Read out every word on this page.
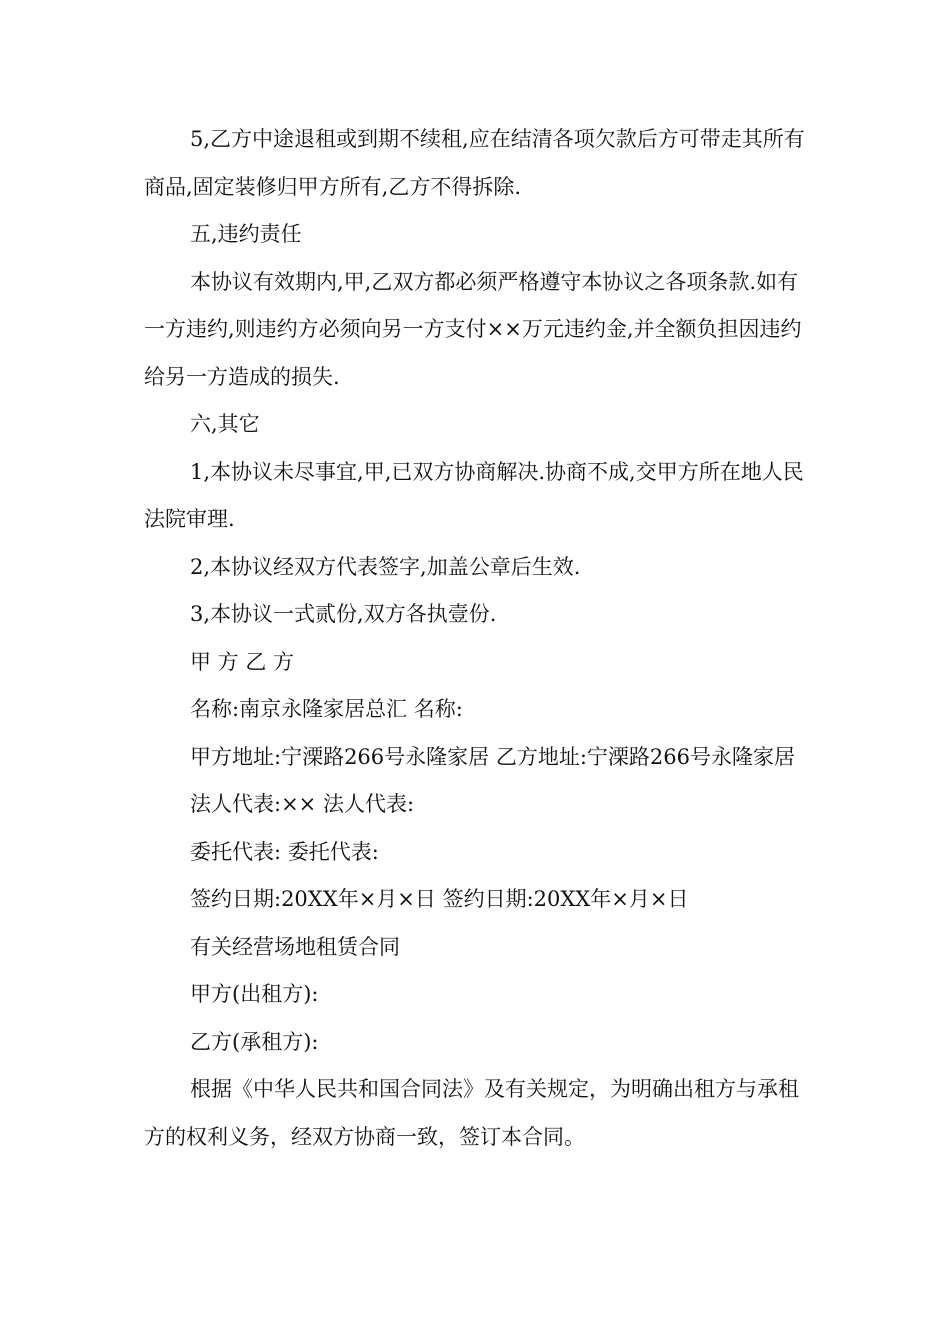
5,乙方中途退租或到期不续租,应在结清各项欠款后方可带走其所有商品,固定装修归甲方所有,乙方不得拆除.

五,违约责任

本协议有效期内,甲,乙双方都必须严格遵守本协议之各项条款.如有一方违约,则违约方必须向另一方支付××万元违约金,并全额负担因违约给另一方造成的损失.

六,其它

1,本协议未尽事宜,甲,已双方协商解决.协商不成,交甲方所在地人民法院审理.

2,本协议经双方代表签字,加盖公章后生效.

3,本协议一式贰份,双方各执壹份.

甲 方 乙 方

名称:南京永隆家居总汇 名称:

甲方地址:宁溧路266号永隆家居 乙方地址:宁溧路266号永隆家居

法人代表:×× 法人代表:

委托代表: 委托代表:

签约日期:20XX年×月×日 签约日期:20XX年×月×日

有关经营场地租赁合同

甲方(出租方):

乙方(承租方):

根据《中华人民共和国合同法》及有关规定，为明确出租方与承租方的权利义务，经双方协商一致，签订本合同。
